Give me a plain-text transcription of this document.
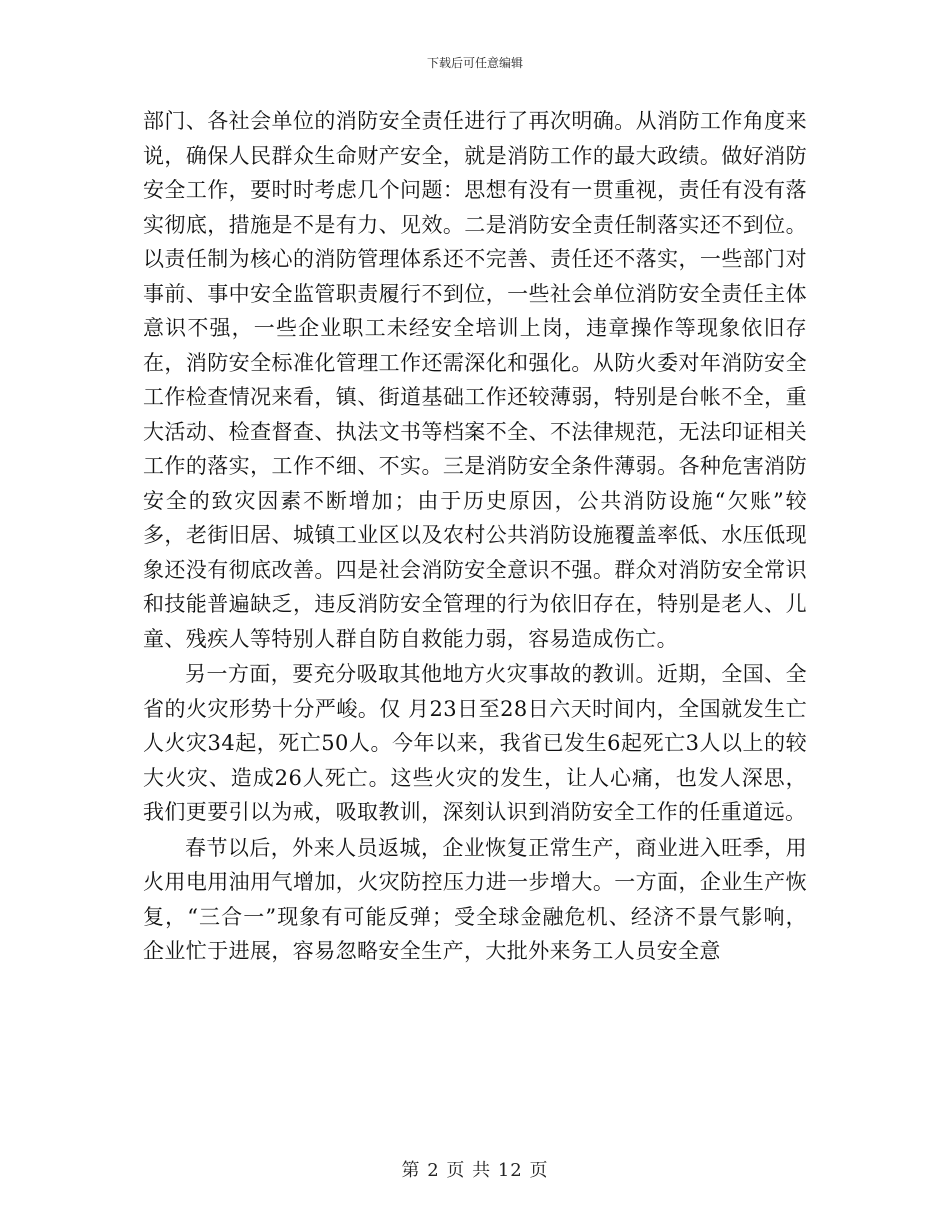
下载后可任意编辑

部门、各社会单位的消防安全责任进行了再次明确。从消防工作角度来说，确保人民群众生命财产安全，就是消防工作的最大政绩。做好消防安全工作，要时时考虑几个问题：思想有没有一贯重视，责任有没有落实彻底，措施是不是有力、见效。二是消防安全责任制落实还不到位。以责任制为核心的消防管理体系还不完善、责任还不落实，一些部门对事前、事中安全监管职责履行不到位，一些社会单位消防安全责任主体意识不强，一些企业职工未经安全培训上岗，违章操作等现象依旧存在，消防安全标准化管理工作还需深化和强化。从防火委对年消防安全工作检查情况来看，镇、街道基础工作还较薄弱，特别是台帐不全，重大活动、检查督查、执法文书等档案不全、不法律规范，无法印证相关工作的落实，工作不细、不实。三是消防安全条件薄弱。各种危害消防安全的致灾因素不断增加；由于历史原因，公共消防设施“欠账”较多，老街旧居、城镇工业区以及农村公共消防设施覆盖率低、水压低现象还没有彻底改善。四是社会消防安全意识不强。群众对消防安全常识和技能普遍缺乏，违反消防安全管理的行为依旧存在，特别是老人、儿童、残疾人等特别人群自防自救能力弱，容易造成伤亡。

另一方面，要充分吸取其他地方火灾事故的教训。近期，全国、全省的火灾形势十分严峻。仅 月23日至28日六天时间内，全国就发生亡人火灾34起，死亡50人。今年以来，我省已发生6起死亡3人以上的较大火灾、造成26人死亡。这些火灾的发生，让人心痛，也发人深思，我们更要引以为戒，吸取教训，深刻认识到消防安全工作的任重道远。

春节以后，外来人员返城，企业恢复正常生产，商业进入旺季，用火用电用油用气增加，火灾防控压力进一步增大。一方面，企业生产恢复，“三合一”现象有可能反弹；受全球金融危机、经济不景气影响，企业忙于进展，容易忽略安全生产，大批外来务工人员安全意

第 2 页 共 12 页
